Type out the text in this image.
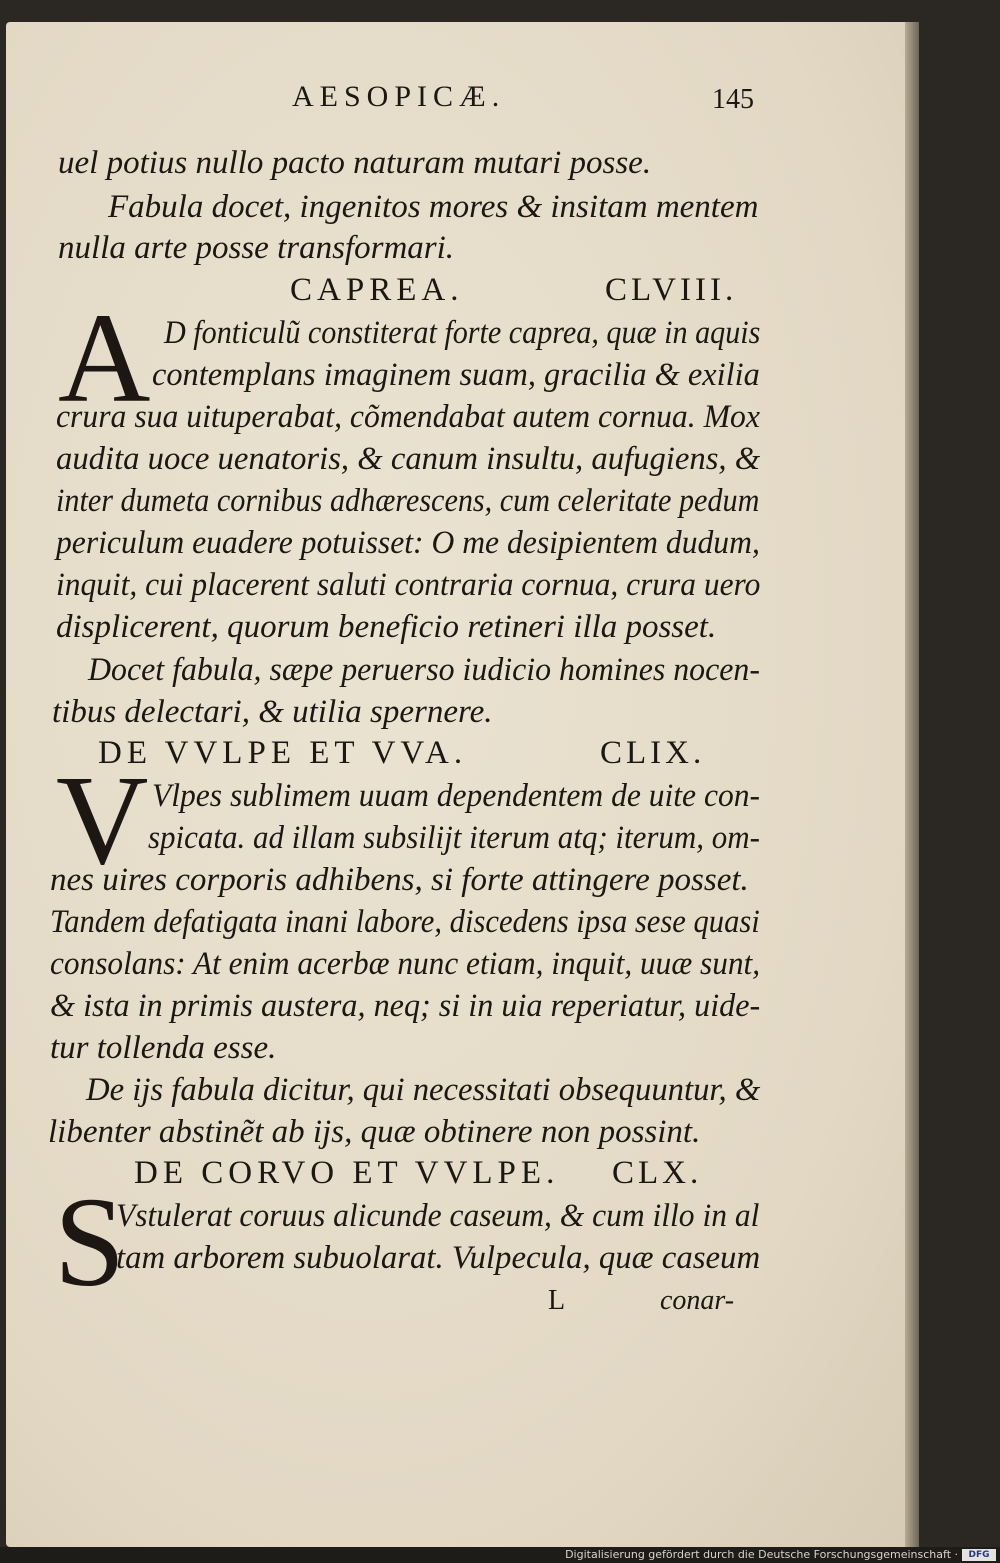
AESOPICÆ.	145
uel potius nullo pacto naturam mutari posse.
Fabula docet, ingenitos mores & insitam mentem
nulla arte posse transformari.
CAPREA.	CLVIII.
A D fonticulũ constiterat forte caprea, quæ in aquis
contemplans imaginem suam, gracilia & exilia
crura sua uituperabat, cõmendabat autem cornua. Mox
audita uoce uenatoris, & canum insultu, aufugiens, &
inter dumeta cornibus adhærescens, cum celeritate pedum
periculum euadere potuisset: O me desipientem dudum,
inquit, cui placerent saluti contraria cornua, crura uero
displicerent, quorum beneficio retineri illa posset.
Docet fabula, sæpe peruerso iudicio homines nocen-
tibus delectari, & utilia spernere.
DE VVLPE ET VVA.	CLIX.
V Vlpes sublimem uuam dependentem de uite con-
spicata. ad illam subsilijt iterum atq; iterum, om-
nes uires corporis adhibens, si forte attingere posset.
Tandem defatigata inani labore, discedens ipsa sese quasi
consolans: At enim acerbæ nunc etiam, inquit, uuæ sunt,
& ista in primis austera, neq; si in uia reperiatur, uide-
tur tollenda esse.
De ijs fabula dicitur, qui necessitati obsequuntur, &
libenter abstinẽt ab ijs, quæ obtinere non possint.
DE CORVO ET VVLPE. CLX.
S
Vstulerat coruus alicunde caseum, & cum illo in al
tam arborem subuolarat. Vulpecula, quæ caseum
L	conar-
Digitalisierung gefördert durch die Deutsche Forschungsgemeinschaft ·	DFG
